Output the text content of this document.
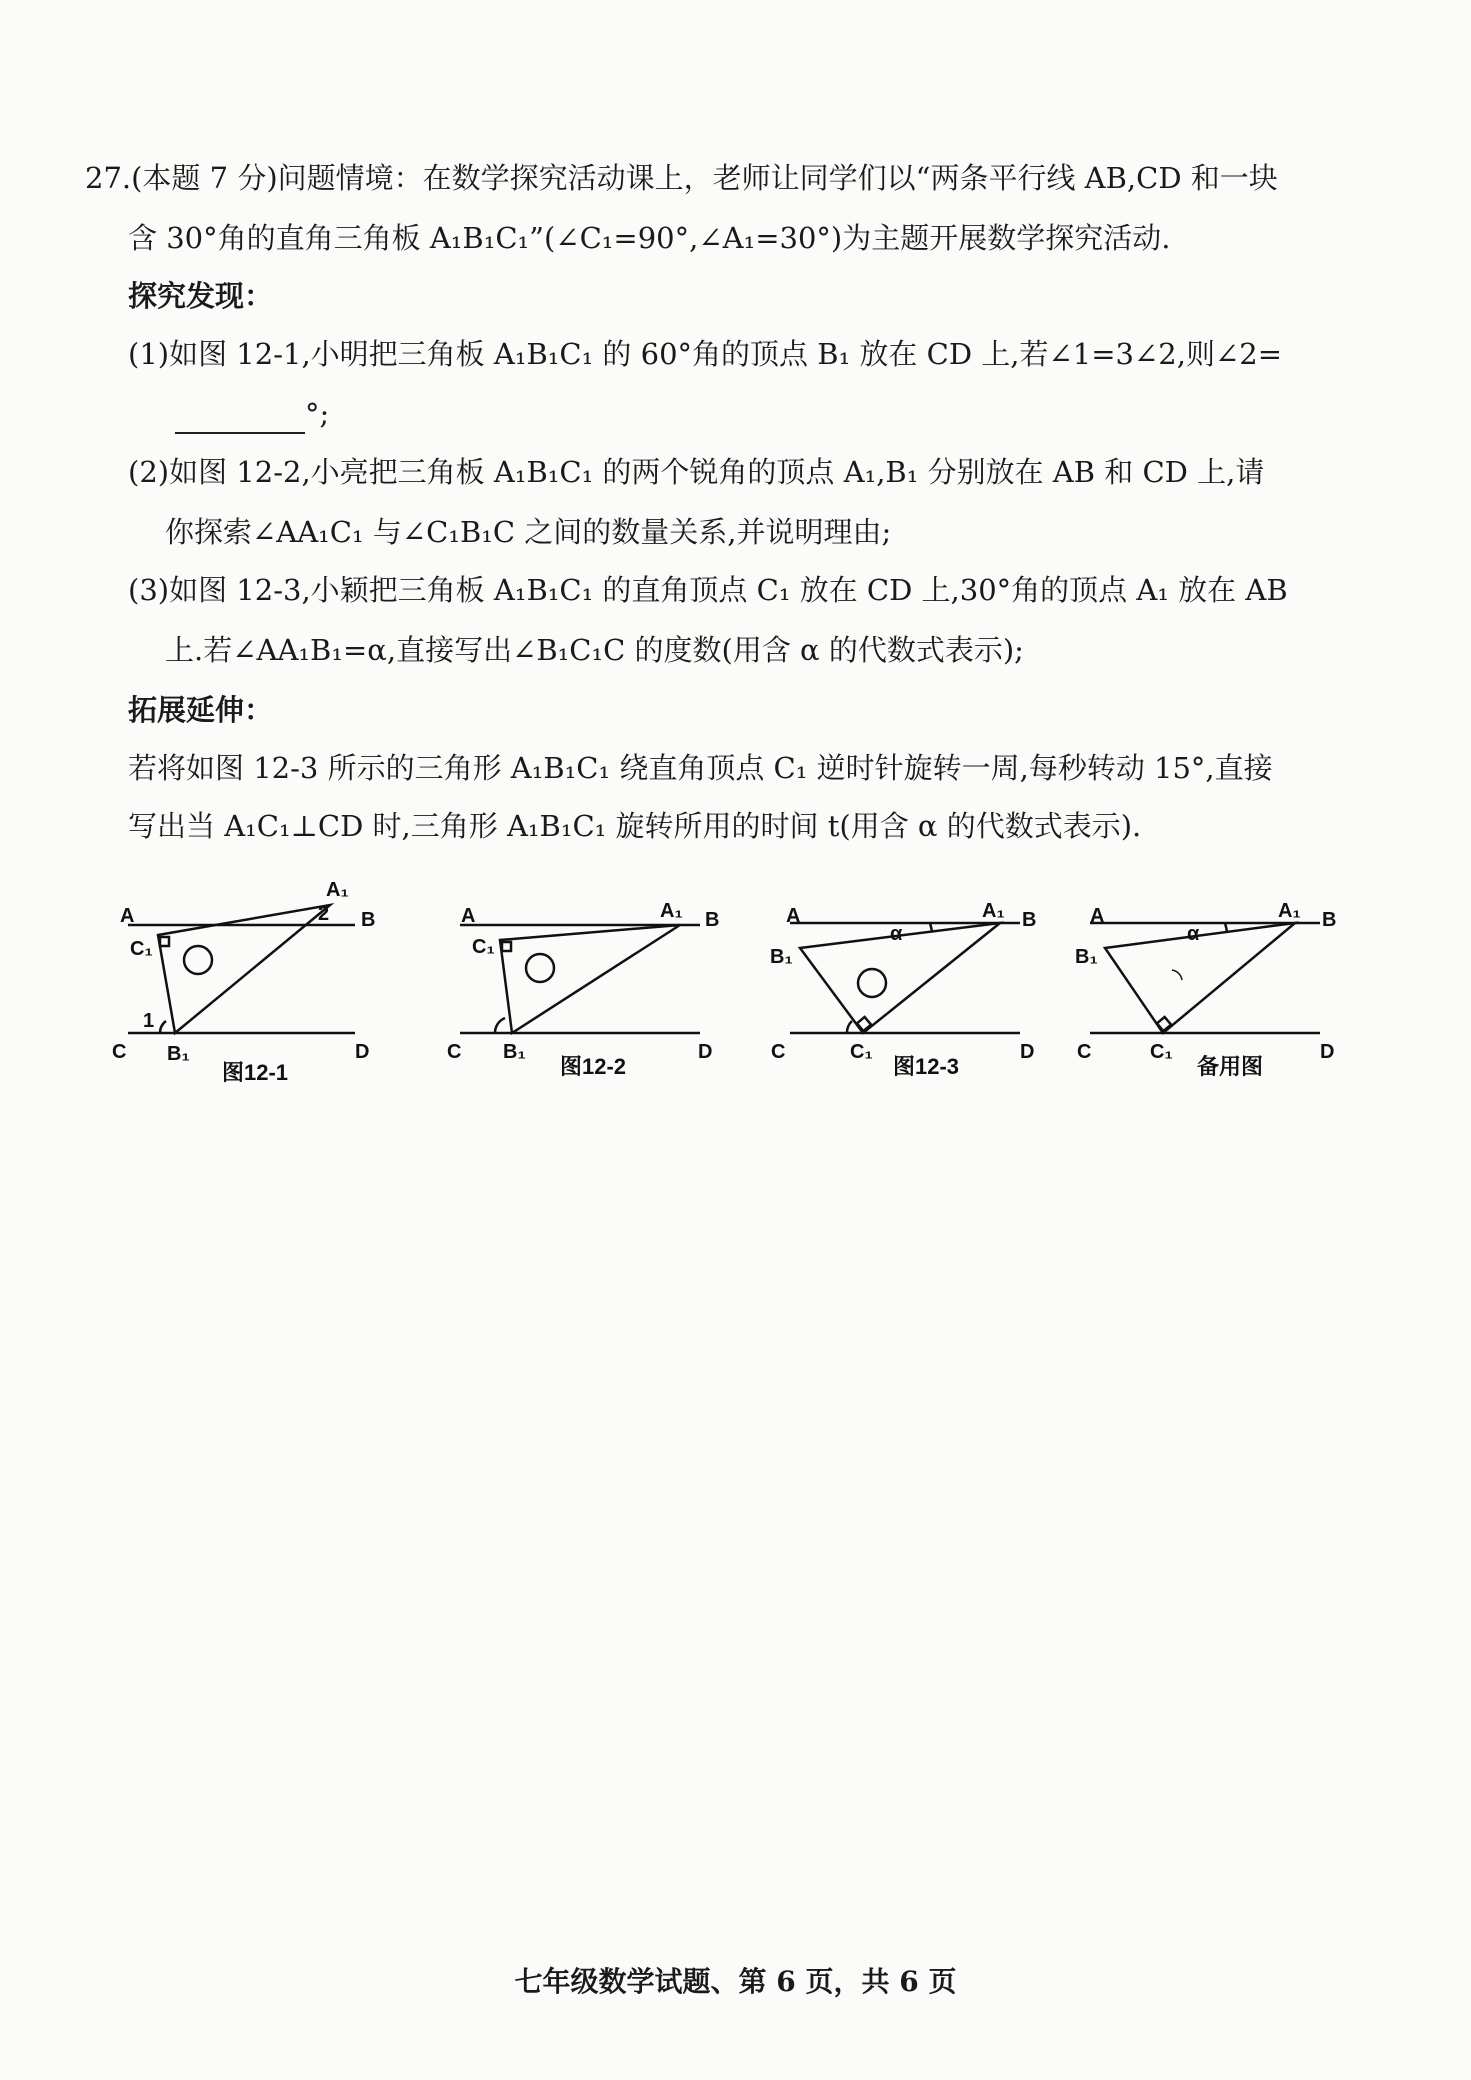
27.(本题 7 分)问题情境：在数学探究活动课上，老师让同学们以“两条平行线 AB,CD 和一块
含 30°角的直角三角板 A₁B₁C₁”(∠C₁=90°,∠A₁=30°)为主题开展数学探究活动.
探究发现：
(1)如图 12-1,小明把三角板 A₁B₁C₁ 的 60°角的顶点 B₁ 放在 CD 上,若∠1=3∠2,则∠2=
°;
(2)如图 12-2,小亮把三角板 A₁B₁C₁ 的两个锐角的顶点 A₁,B₁ 分别放在 AB 和 CD 上,请
你探索∠AA₁C₁ 与∠C₁B₁C 之间的数量关系,并说明理由;
(3)如图 12-3,小颖把三角板 A₁B₁C₁ 的直角顶点 C₁ 放在 CD 上,30°角的顶点 A₁ 放在 AB
上.若∠AA₁B₁=α,直接写出∠B₁C₁C 的度数(用含 α 的代数式表示);
拓展延伸：
若将如图 12-3 所示的三角形 A₁B₁C₁ 绕直角顶点 C₁ 逆时针旋转一周,每秒转动 15°,直接
写出当 A₁C₁⊥CD 时,三角形 A₁B₁C₁ 旋转所用的时间 t(用含 α 的代数式表示).
A	B
C	D
A₁
B₁
C₁
1
2
图12-1
A	B
C	D
A₁
B₁
C₁
图12-2
A	B
C	D
A₁
B₁
C₁
α
图12-3
A	B
C	D
A₁
B₁
C₁
α
备用图
七年级数学试题、第 6 页，共 6 页
